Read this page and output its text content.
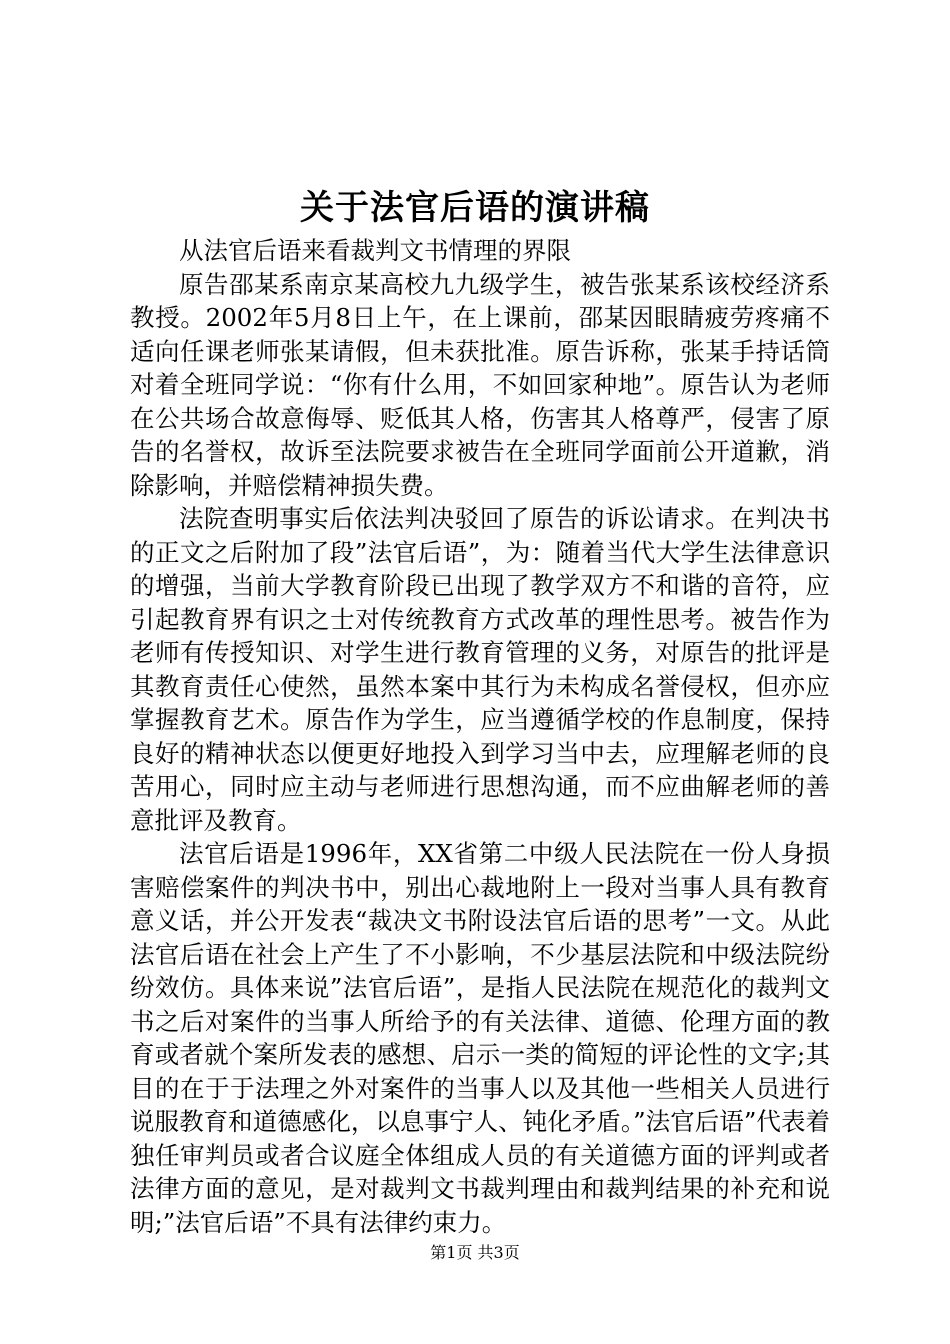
关于法官后语的演讲稿

从法官后语来看裁判文书情理的界限

原告邵某系南京某高校九九级学生，被告张某系该校经济系教授。2002年5月8日上午，在上课前，邵某因眼睛疲劳疼痛不适向任课老师张某请假，但未获批准。原告诉称，张某手持话筒对着全班同学说：“你有什么用，不如回家种地”。原告认为老师在公共场合故意侮辱、贬低其人格，伤害其人格尊严，侵害了原告的名誉权，故诉至法院要求被告在全班同学面前公开道歉，消除影响，并赔偿精神损失费。

法院查明事实后依法判决驳回了原告的诉讼请求。在判决书的正文之后附加了段”法官后语”，为：随着当代大学生法律意识的增强，当前大学教育阶段已出现了教学双方不和谐的音符，应引起教育界有识之士对传统教育方式改革的理性思考。被告作为老师有传授知识、对学生进行教育管理的义务，对原告的批评是其教育责任心使然，虽然本案中其行为未构成名誉侵权，但亦应掌握教育艺术。原告作为学生，应当遵循学校的作息制度，保持良好的精神状态以便更好地投入到学习当中去，应理解老师的良苦用心，同时应主动与老师进行思想沟通，而不应曲解老师的善意批评及教育。

法官后语是1996年，XX省第二中级人民法院在一份人身损害赔偿案件的判决书中，别出心裁地附上一段对当事人具有教育意义话，并公开发表“裁决文书附设法官后语的思考”一文。从此法官后语在社会上产生了不小影响，不少基层法院和中级法院纷纷效仿。具体来说”法官后语”，是指人民法院在规范化的裁判文书之后对案件的当事人所给予的有关法律、道德、伦理方面的教育或者就个案所发表的感想、启示一类的简短的评论性的文字;其目的在于于法理之外对案件的当事人以及其他一些相关人员进行说服教育和道德感化，以息事宁人、钝化矛盾。”法官后语”代表着独任审判员或者合议庭全体组成人员的有关道德方面的评判或者法律方面的意见，是对裁判文书裁判理由和裁判结果的补充和说明;”法官后语”不具有法律约束力。

第1页 共3页
